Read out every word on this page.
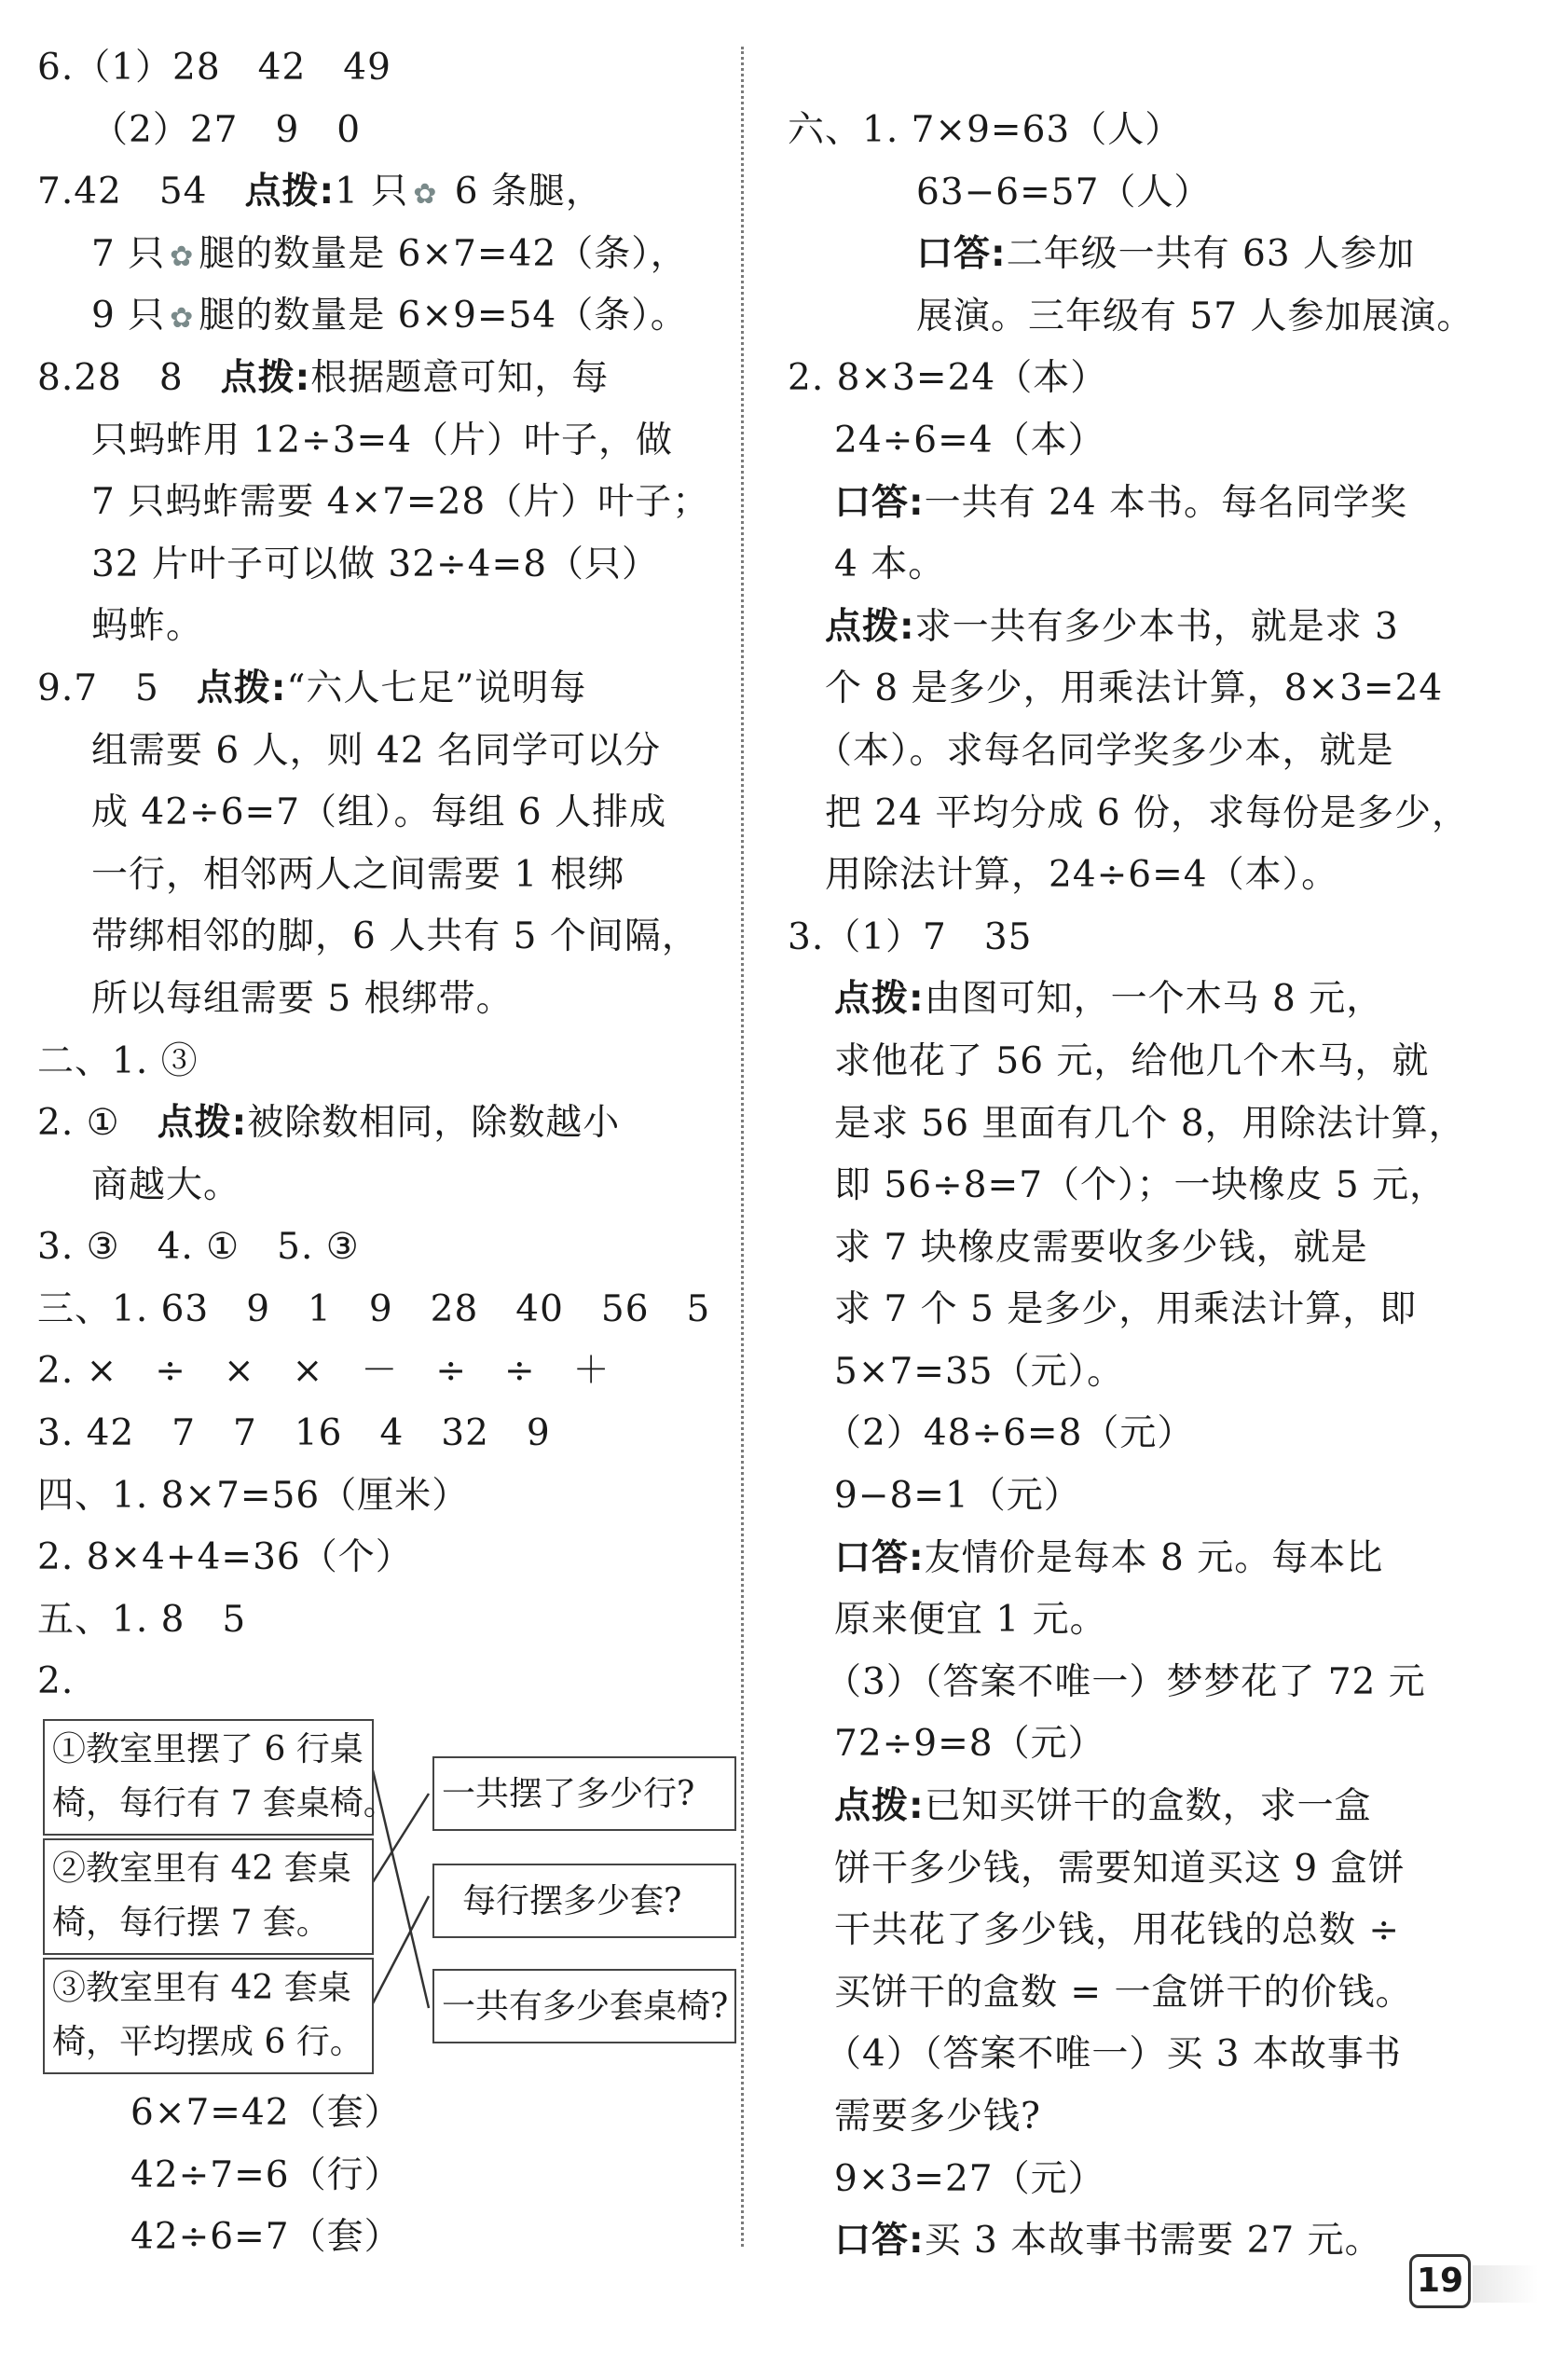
6.（1）28　42　49
（2）27　9　0
7.42　54　点拨:1 只 ✿ 6 条腿，
7 只 ✿ 腿的数量是 6×7=42（条），
9 只 ✿ 腿的数量是 6×9=54（条）。
8.28　8　点拨:根据题意可知，每
只蚂蚱用 12÷3=4（片）叶子，做
7 只蚂蚱需要 4×7=28（片）叶子；
32 片叶子可以做 32÷4=8（只）
蚂蚱。
9.7　5　点拨:“六人七足”说明每
组需要 6 人，则 42 名同学可以分
成 42÷6=7（组）。每组 6 人排成
一行，相邻两人之间需要 1 根绑
带绑相邻的脚，6 人共有 5 个间隔，
所以每组需要 5 根绑带。
二、1. ③
2. ①　点拨:被除数相同，除数越小
商越大。
3. ③　4. ①　5. ③
三、1. 63　9　1　9　28　40　56　5
2. ×　÷　×　×　－　÷　÷　＋
3. 42　7　7　16　4　32　9
四、1. 8×7=56（厘米）
2. 8×4+4=36（个）
五、1. 8　5
2.
①教室里摆了 6 行桌
椅，每行有 7 套桌椅。
②教室里有 42 套桌
椅，每行摆 7 套。
③教室里有 42 套桌
椅，平均摆成 6 行。
一共摆了多少行?
每行摆多少套?
一共有多少套桌椅?
6×7=42（套）
42÷7=6（行）
42÷6=7（套）
六、1. 7×9=63（人）
63−6=57（人）
口答:二年级一共有 63 人参加
展演。三年级有 57 人参加展演。
2. 8×3=24（本）
24÷6=4（本）
口答:一共有 24 本书。每名同学奖
4 本。
点拨:求一共有多少本书，就是求 3
个 8 是多少，用乘法计算，8×3=24
（本）。求每名同学奖多少本，就是
把 24 平均分成 6 份，求每份是多少，
用除法计算，24÷6=4（本）。
3.（1）7　35
点拨:由图可知，一个木马 8 元，
求他花了 56 元，给他几个木马，就
是求 56 里面有几个 8，用除法计算，
即 56÷8=7（个）；一块橡皮 5 元，
求 7 块橡皮需要收多少钱，就是
求 7 个 5 是多少，用乘法计算，即
5×7=35（元）。
（2）48÷6=8（元）
9−8=1（元）
口答:友情价是每本 8 元。每本比
原来便宜 1 元。
（3）（答案不唯一）梦梦花了 72 元
72÷9=8（元）
点拨:已知买饼干的盒数，求一盒
饼干多少钱，需要知道买这 9 盒饼
干共花了多少钱，用花钱的总数 ÷
买饼干的盒数 = 一盒饼干的价钱。
（4）（答案不唯一）买 3 本故事书
需要多少钱?
9×3=27（元）
口答:买 3 本故事书需要 27 元。
19
